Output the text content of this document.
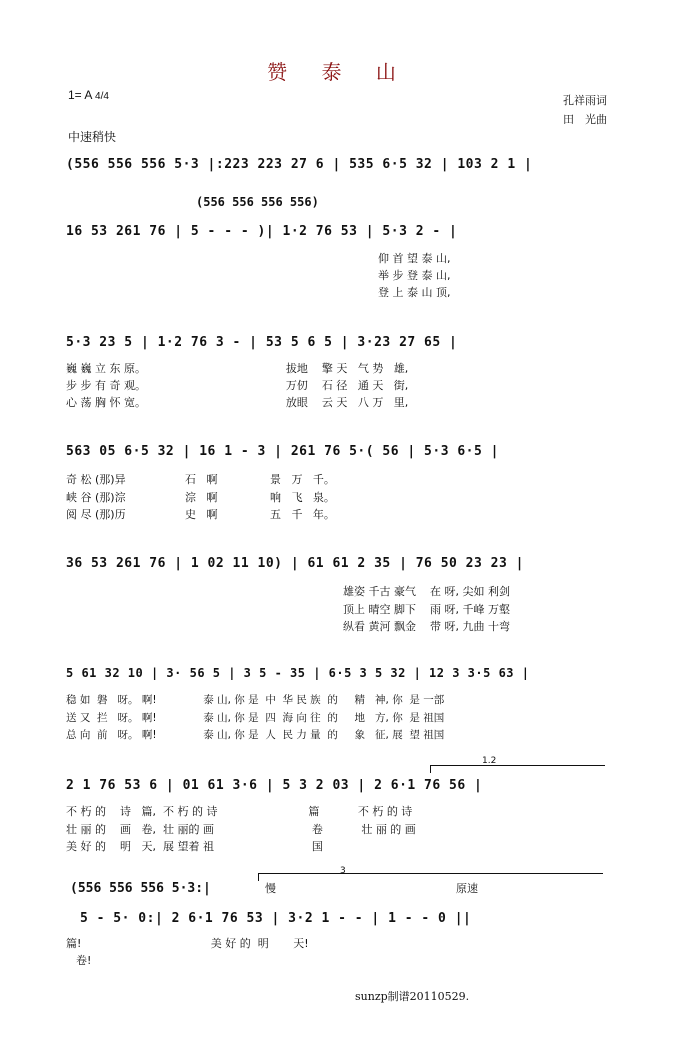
赞 泰 山
1= A 4/4
中速稍快
孔祥雨词
田　光曲
(556 556 556 5·3 |:223 223 27 6 | 535 6·5 32 | 103 2 1 |
(556 556 556 556)
16 53 261 76 | 5 - - - )| 1·2 76 53 | 5·3 2 - |
仰 首 望 泰 山,
举 步 登 泰 山,
登 上 泰 山 顶,
5·3 23 5 | 1·2 76 3 - | 53 5 6 5 | 3·23 27 65 |
巍 巍 立 东 原。                                        拔地    擎 天   气 势   雄,
步 步 有 奇 观。                                        万仞    石 径   通 天   街,
心 荡 胸 怀 宽。                                        放眼    云 天   八 万   里,
563 05 6·5 32 | 16 1 - 3 | 261 76 5·( 56 | 5·3 6·5 |
奇 松 (那)异                 石   啊               景   万   千。
峡 谷 (那)淙                 淙   啊               响   飞   泉。
阅 尽 (那)历                 史   啊               五   千   年。
36 53 261 76 | 1 02 11 10) | 61 61 2 35 | 76 50 23 23 |
雄姿 千古 豪气    在 呀, 尖如 利剑
顶上 晴空 脚下    雨 呀, 千峰 万壑
纵看 黄河 飘金    带 呀, 九曲 十弯
5 61 32 10 | 3· 56 5 | 3 5 - 35 | 6·5 3 5 32 | 12 3 3·5 63 |
稳 如  磐   呀。 啊!              泰 山, 你 是  中  华 民 族  的     精   神, 你  是 一部
送 又  拦   呀。 啊!              泰 山, 你 是  四  海 向 往  的     地   方, 你  是 祖国
总 向  前   呀。 啊!              泰 山, 你 是  人  民 力 量  的     象   征, 展  望 祖国
1.2
2 1 76 53 6 | 01 61 3·6 | 5 3 2 03 | 2 6·1 76 56 |
不 朽 的    诗   篇,  不 朽 的 诗                          篇           不 朽 的 诗
壮 丽 的    画   卷,  壮 丽的 画                            卷           壮 丽 的 画
美 好 的    明   天,  展 望着 祖                            国
(556 556 556 5·3:|
3
慢	原速
5 - 5· 0:| 2 6·1 76 53 | 3·2 1 - - | 1 - - 0 ||
篇!                                     美 好 的  明       天!
卷!
sunzp制谱20110529.
